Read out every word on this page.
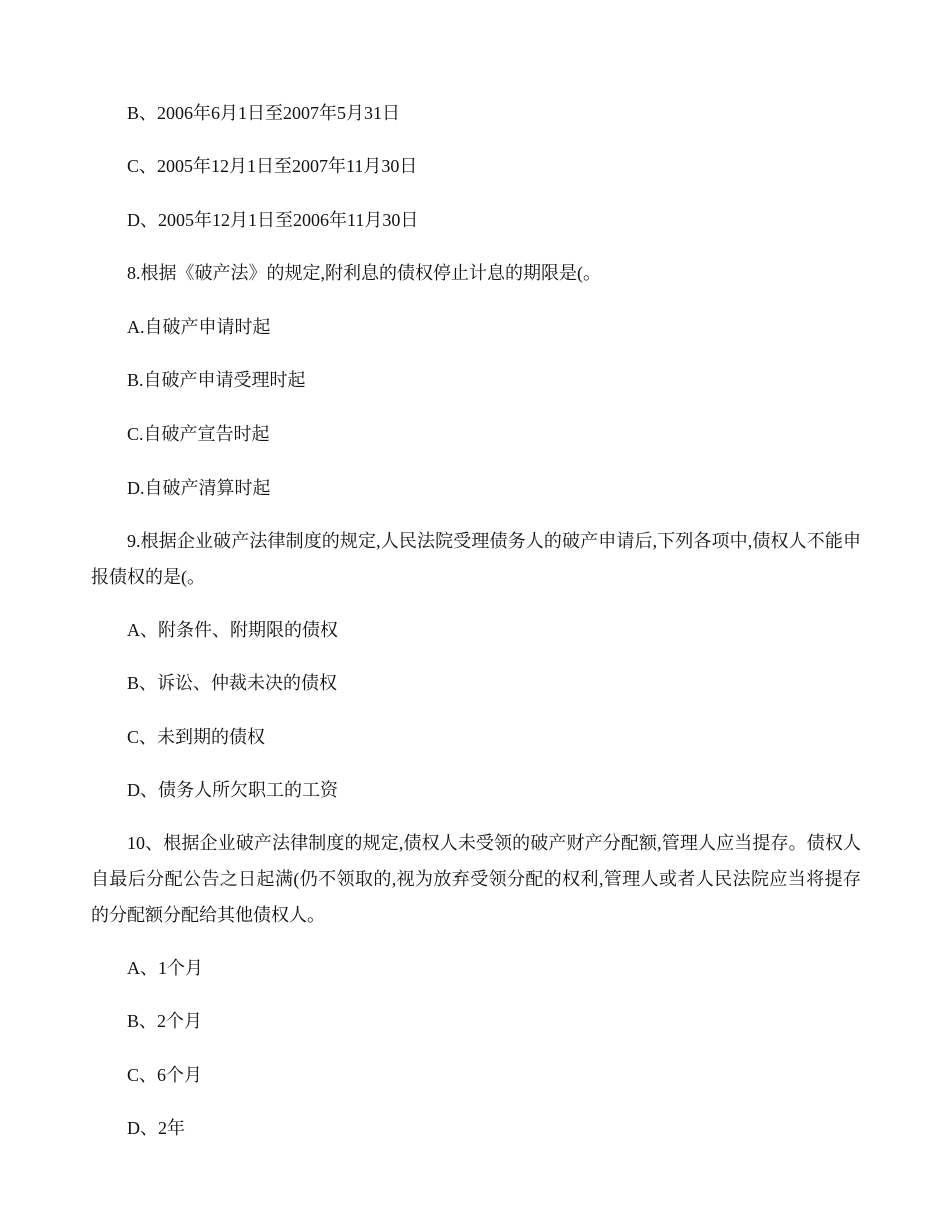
B、2006年6月1日至2007年5月31日
C、2005年12月1日至2007年11月30日
D、2005年12月1日至2006年11月30日
8.根据《破产法》的规定,附利息的债权停止计息的期限是(。
A.自破产申请时起
B.自破产申请受理时起
C.自破产宣告时起
D.自破产清算时起
9.根据企业破产法律制度的规定,人民法院受理债务人的破产申请后,下列各项中,债权人不能申报债权的是(。
A、附条件、附期限的债权
B、诉讼、仲裁未决的债权
C、未到期的债权
D、债务人所欠职工的工资
10、根据企业破产法律制度的规定,债权人未受领的破产财产分配额,管理人应当提存。债权人自最后分配公告之日起满(仍不领取的,视为放弃受领分配的权利,管理人或者人民法院应当将提存的分配额分配给其他债权人。
A、1个月
B、2个月
C、6个月
D、2年
